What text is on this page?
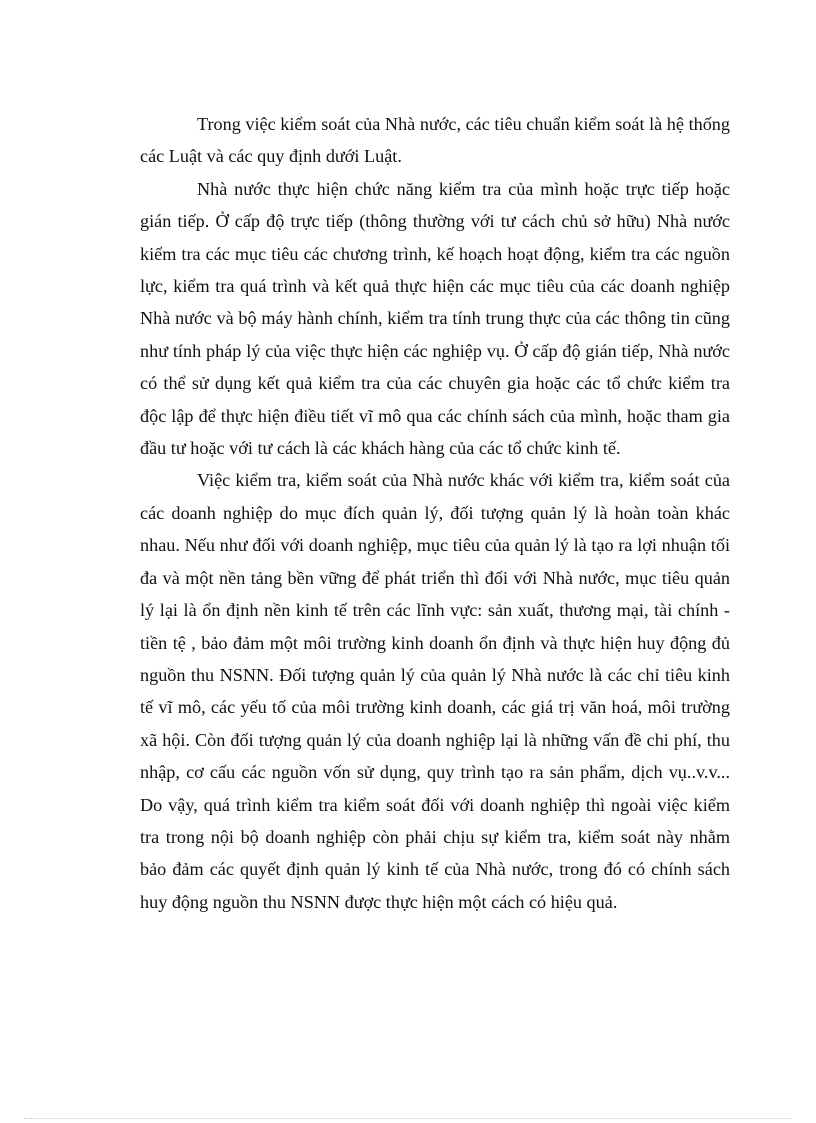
Trong việc kiểm soát của Nhà nước, các tiêu chuẩn kiểm soát là hệ thống các Luật và các quy định dưới Luật.

Nhà nước thực hiện chức năng kiểm tra của mình hoặc trực tiếp hoặc gián tiếp. Ở cấp độ trực tiếp (thông thường với tư cách chủ sở hữu) Nhà nước kiểm tra các mục tiêu các chương trình, kế hoạch hoạt động, kiểm tra các nguồn lực, kiểm tra quá trình và kết quả thực hiện các mục tiêu của các doanh nghiệp Nhà nước và bộ máy hành chính, kiểm tra tính trung thực của các thông tin cũng như tính pháp lý của việc thực hiện các nghiệp vụ. Ở cấp độ gián tiếp, Nhà nước có thể sử dụng kết quả kiểm tra của các chuyên gia hoặc các tổ chức kiểm tra độc lập để thực hiện điều tiết vĩ mô qua các chính sách của mình, hoặc tham gia đầu tư hoặc với tư cách là các khách hàng của các tổ chức kinh tế.

Việc kiểm tra, kiểm soát của Nhà nước khác với kiểm tra, kiểm soát của các doanh nghiệp do mục đích quản lý, đối tượng quản lý là hoàn toàn khác nhau. Nếu như đối với doanh nghiệp, mục tiêu của quản lý là tạo ra lợi nhuận tối đa và một nền tảng bền vững để phát triển thì đối với Nhà nước, mục tiêu quản lý lại là ổn định nền kinh tế trên các lĩnh vực: sản xuất, thương mại, tài chính - tiền tệ , bảo đảm một môi trường kinh doanh ổn định và thực hiện huy động đủ nguồn thu NSNN. Đối tượng quản lý của quản lý Nhà nước là các chỉ tiêu kinh tế vĩ mô, các yếu tố của môi trường kinh doanh, các giá trị văn hoá, môi trường xã hội. Còn đối tượng quản lý của doanh nghiệp lại là những vấn đề chi phí, thu nhập, cơ cấu các nguồn vốn sử dụng, quy trình tạo ra sản phẩm, dịch vụ..v.v... Do vậy, quá trình kiểm tra kiểm soát đối với doanh nghiệp thì ngoài việc kiểm tra trong nội bộ doanh nghiệp còn phải chịu sự kiểm tra, kiểm soát này nhằm bảo đảm các quyết định quản lý kinh tế của Nhà nước, trong đó có chính sách huy động nguồn thu NSNN được thực hiện một cách có hiệu quả.
